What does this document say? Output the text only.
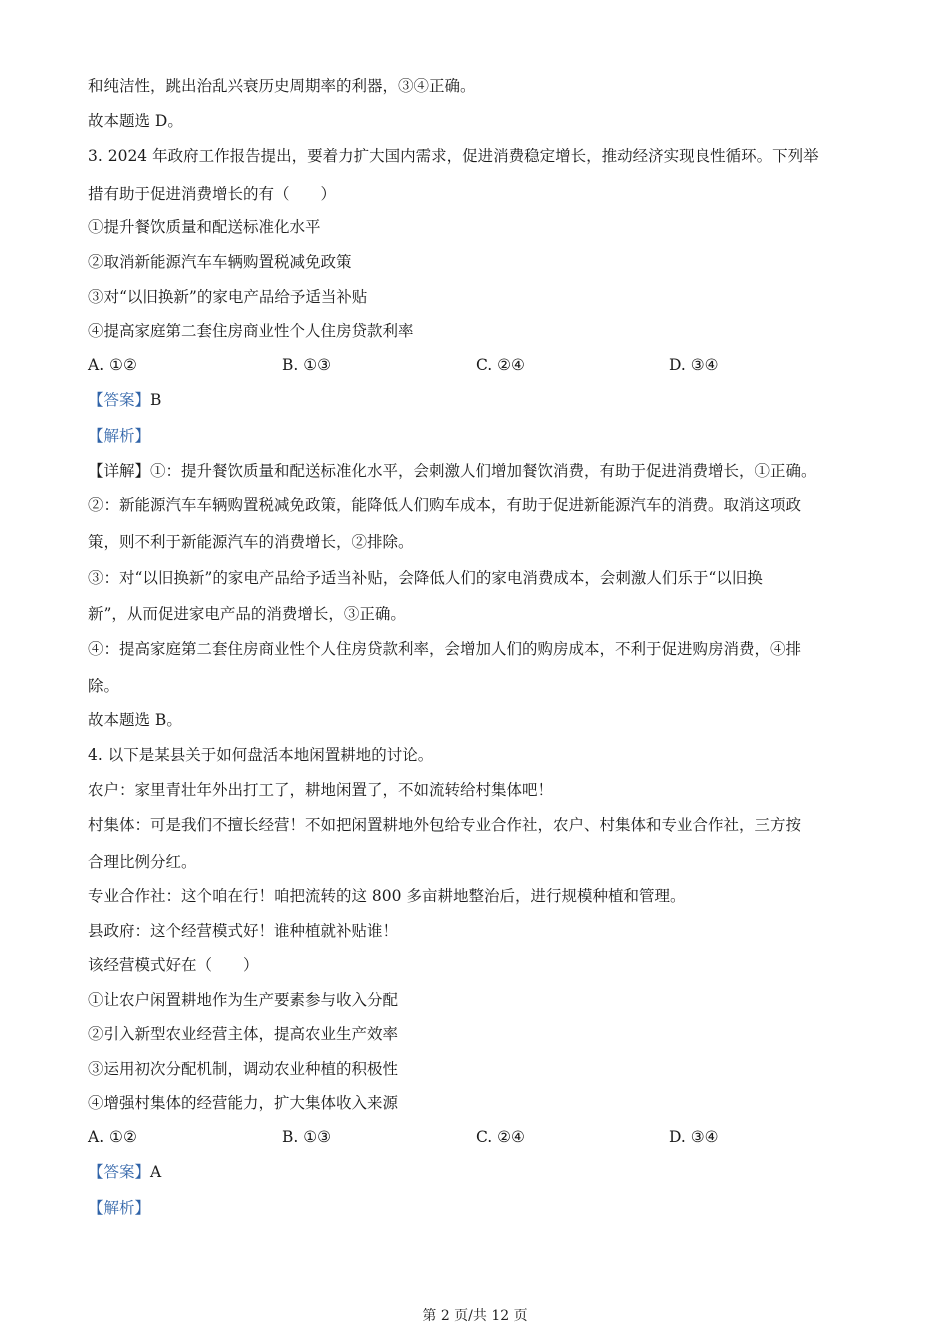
和纯洁性，跳出治乱兴衰历史周期率的利器，③④正确。
故本题选 D。
3. 2024 年政府工作报告提出，要着力扩大国内需求，促进消费稳定增长，推动经济实现良性循环。下列举
措有助于促进消费增长的有（　　）
①提升餐饮质量和配送标准化水平
②取消新能源汽车车辆购置税减免政策
③对“以旧换新”的家电产品给予适当补贴
④提高家庭第二套住房商业性个人住房贷款利率
A. ①②	B. ①③	C. ②④	D. ③④
【答案】B
【解析】
【详解】①：提升餐饮质量和配送标准化水平，会刺激人们增加餐饮消费，有助于促进消费增长，①正确。
②：新能源汽车车辆购置税减免政策，能降低人们购车成本，有助于促进新能源汽车的消费。取消这项政
策，则不利于新能源汽车的消费增长，②排除。
③：对“以旧换新”的家电产品给予适当补贴，会降低人们的家电消费成本，会刺激人们乐于“以旧换
新”，从而促进家电产品的消费增长，③正确。
④：提高家庭第二套住房商业性个人住房贷款利率，会增加人们的购房成本，不利于促进购房消费，④排
除。
故本题选 B。
4. 以下是某县关于如何盘活本地闲置耕地的讨论。
农户：家里青壮年外出打工了，耕地闲置了，不如流转给村集体吧！
村集体：可是我们不擅长经营！不如把闲置耕地外包给专业合作社，农户、村集体和专业合作社，三方按
合理比例分红。
专业合作社：这个咱在行！咱把流转的这 800 多亩耕地整治后，进行规模种植和管理。
县政府：这个经营模式好！谁种植就补贴谁！
该经营模式好在（　　）
①让农户闲置耕地作为生产要素参与收入分配
②引入新型农业经营主体，提高农业生产效率
③运用初次分配机制，调动农业种植的积极性
④增强村集体的经营能力，扩大集体收入来源
A. ①②	B. ①③	C. ②④	D. ③④
【答案】A
【解析】
第 2 页/共 12 页
